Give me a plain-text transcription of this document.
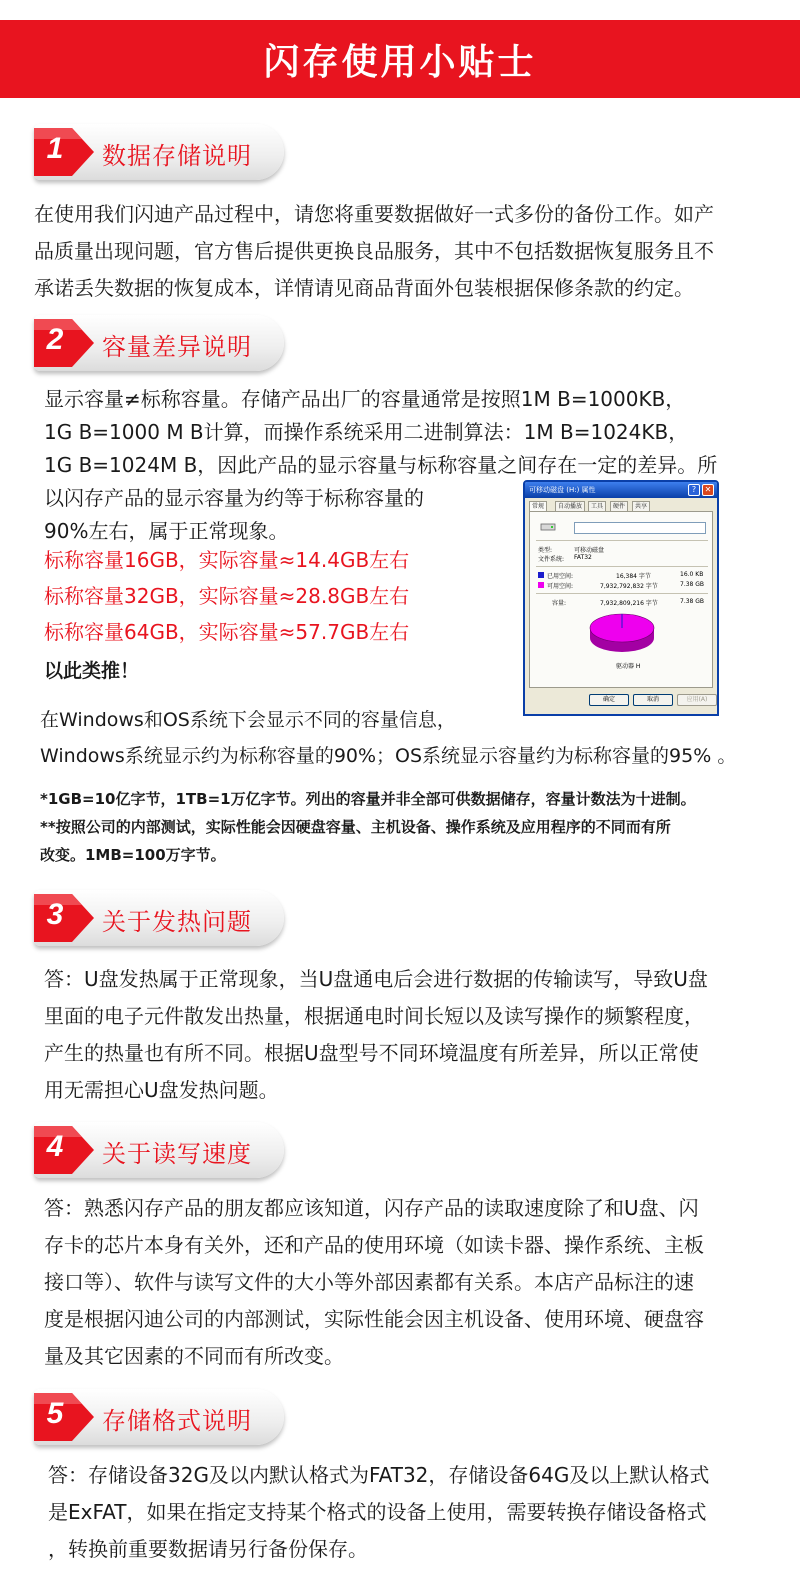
闪存使用小贴士
1 数据存储说明

在使用我们闪迪产品过程中，请您将重要数据做好一式多份的备份工作。如产

品质量出现问题，官方售后提供更换良品服务，其中不包括数据恢复服务且不

承诺丢失数据的恢复成本，详情请见商品背面外包装根据保修条款的约定。

2 容量差异说明

显示容量≠标称容量。存储产品出厂的容量通常是按照1M B=1000KB，

1G B=1000 M B计算，而操作系统采用二进制算法：1M B=1024KB，

1G B=1024M B，因此产品的显示容量与标称容量之间存在一定的差异。所

以闪存产品的显示容量为约等于标称容量的

90%左右，属于正常现象。

标称容量16GB，实际容量≈14.4GB左右

标称容量32GB，实际容量≈28.8GB左右

标称容量64GB，实际容量≈57.7GB左右

以此类推！

在Windows和OS系统下会显示不同的容量信息，

Windows系统显示约为标称容量的90%；OS系统显示容量约为标称容量的95% 。

*1GB=10亿字节，1TB=1万亿字节。列出的容量并非全部可供数据储存，容量计数法为十进制。

**按照公司的内部测试，实际性能会因硬盘容量、主机设备、操作系统及应用程序的不同而有所

改变。1MB=100万字节。

可移动磁盘 (H:) 属性	?	✕
常规	自动播放	工具	硬件	共享
类型:	可移动磁盘
文件系统: FAT32
已用空间:	16,384 字节	16.0 KB
可用空间:	7,932,792,832 字节	7.38 GB
容量:	7,932,809,216 字节	7.38 GB
驱动器 H
确定	取消	应用(A)
3 关于发热问题

答：U盘发热属于正常现象，当U盘通电后会进行数据的传输读写，导致U盘

里面的电子元件散发出热量，根据通电时间长短以及读写操作的频繁程度，

产生的热量也有所不同。根据U盘型号不同环境温度有所差异，所以正常使

用无需担心U盘发热问题。

4 关于读写速度

答：熟悉闪存产品的朋友都应该知道，闪存产品的读取速度除了和U盘、闪

存卡的芯片本身有关外，还和产品的使用环境（如读卡器、操作系统、主板

接口等）、软件与读写文件的大小等外部因素都有关系。本店产品标注的速

度是根据闪迪公司的内部测试，实际性能会因主机设备、使用环境、硬盘容

量及其它因素的不同而有所改变。

5 存储格式说明

答：存储设备32G及以内默认格式为FAT32，存储设备64G及以上默认格式

是ExFAT，如果在指定支持某个格式的设备上使用，需要转换存储设备格式

，转换前重要数据请另行备份保存。
